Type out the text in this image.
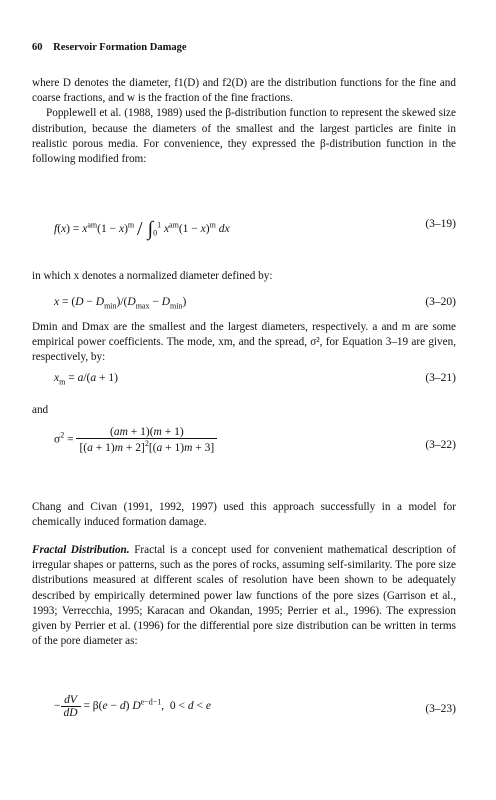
60 Reservoir Formation Damage

where D denotes the diameter, f1(D) and f2(D) are the distribution functions for the fine and coarse fractions, and w is the fraction of the fine fractions.

Popplewell et al. (1988, 1989) used the β-distribution function to represent the skewed size distribution, because the diameters of the smallest and the largest particles are finite in realistic porous media. For convenience, they expressed the β-distribution function in the following modified from:

$f(x) = x^{am}(1 - x)^m / \int_0^1$ $x^{am}(1 - x)^m$ dx	(3–19)

in which x denotes a normalized diameter defined by:

$x = (D - D_{min})/(D_{max} - D_{min})$	(3–20)

Dmin and Dmax are the smallest and the largest diameters, respectively. a and m are some empirical power coefficients. The mode, xm, and the spread, σ², for Equation 3–19 are given, respectively, by:

$x_m = a/(a + 1)$	(3–21)

and

$\sigma^2 = \frac{(am + 1)(m + 1)}{[(a + 1)m + 2]^2[(a + 1)m + 3]}$	(3–22)

Chang and Civan (1991, 1992, 1997) used this approach successfully in a model for chemically induced formation damage.

Fractal Distribution. Fractal is a concept used for convenient mathematical description of irregular shapes or patterns, such as the pores of rocks, assuming self-similarity. The pore size distributions measured at different scales of resolution have been shown to be adequately described by empirically determined power law functions of the pore sizes (Garrison et al., 1993; Verrecchia, 1995; Karacan and Okandan, 1995; Perrier et al., 1996). The expression given by Perrier et al. (1996) for the differential pore size distribution can be written in terms of the pore diameter as:

− $\frac{dV}{dD} = \beta(e - d)$ $D^{e-d-1}$,  0 < d < e	(3–23)
